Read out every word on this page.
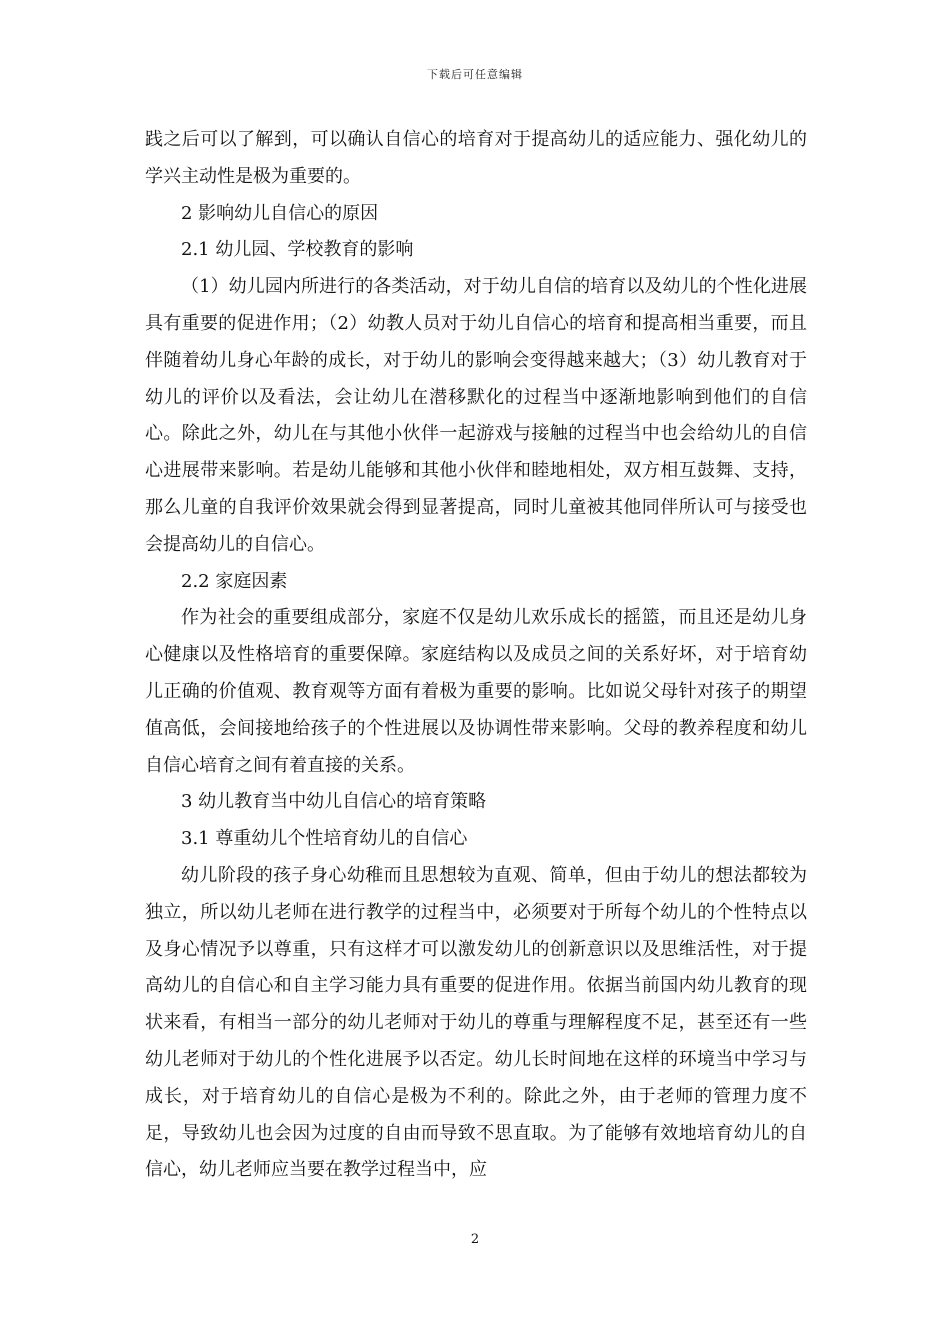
下载后可任意编辑

践之后可以了解到，可以确认自信心的培育对于提高幼儿的适应能力、强化幼儿的学兴主动性是极为重要的。

2 影响幼儿自信心的原因

2.1 幼儿园、学校教育的影响

（1）幼儿园内所进行的各类活动，对于幼儿自信的培育以及幼儿的个性化进展具有重要的促进作用；（2）幼教人员对于幼儿自信心的培育和提高相当重要，而且伴随着幼儿身心年龄的成长，对于幼儿的影响会变得越来越大；（3）幼儿教育对于幼儿的评价以及看法，会让幼儿在潜移默化的过程当中逐渐地影响到他们的自信心。除此之外，幼儿在与其他小伙伴一起游戏与接触的过程当中也会给幼儿的自信心进展带来影响。若是幼儿能够和其他小伙伴和睦地相处，双方相互鼓舞、支持，那么儿童的自我评价效果就会得到显著提高，同时儿童被其他同伴所认可与接受也会提高幼儿的自信心。

2.2 家庭因素

作为社会的重要组成部分，家庭不仅是幼儿欢乐成长的摇篮，而且还是幼儿身心健康以及性格培育的重要保障。家庭结构以及成员之间的关系好坏，对于培育幼儿正确的价值观、教育观等方面有着极为重要的影响。比如说父母针对孩子的期望值高低，会间接地给孩子的个性进展以及协调性带来影响。父母的教养程度和幼儿自信心培育之间有着直接的关系。

3 幼儿教育当中幼儿自信心的培育策略

3.1 尊重幼儿个性培育幼儿的自信心

幼儿阶段的孩子身心幼稚而且思想较为直观、简单，但由于幼儿的想法都较为独立，所以幼儿老师在进行教学的过程当中，必须要对于所每个幼儿的个性特点以及身心情况予以尊重，只有这样才可以激发幼儿的创新意识以及思维活性，对于提高幼儿的自信心和自主学习能力具有重要的促进作用。依据当前国内幼儿教育的现状来看，有相当一部分的幼儿老师对于幼儿的尊重与理解程度不足，甚至还有一些幼儿老师对于幼儿的个性化进展予以否定。幼儿长时间地在这样的环境当中学习与成长，对于培育幼儿的自信心是极为不利的。除此之外，由于老师的管理力度不足，导致幼儿也会因为过度的自由而导致不思直取。为了能够有效地培育幼儿的自信心，幼儿老师应当要在教学过程当中，应

2
